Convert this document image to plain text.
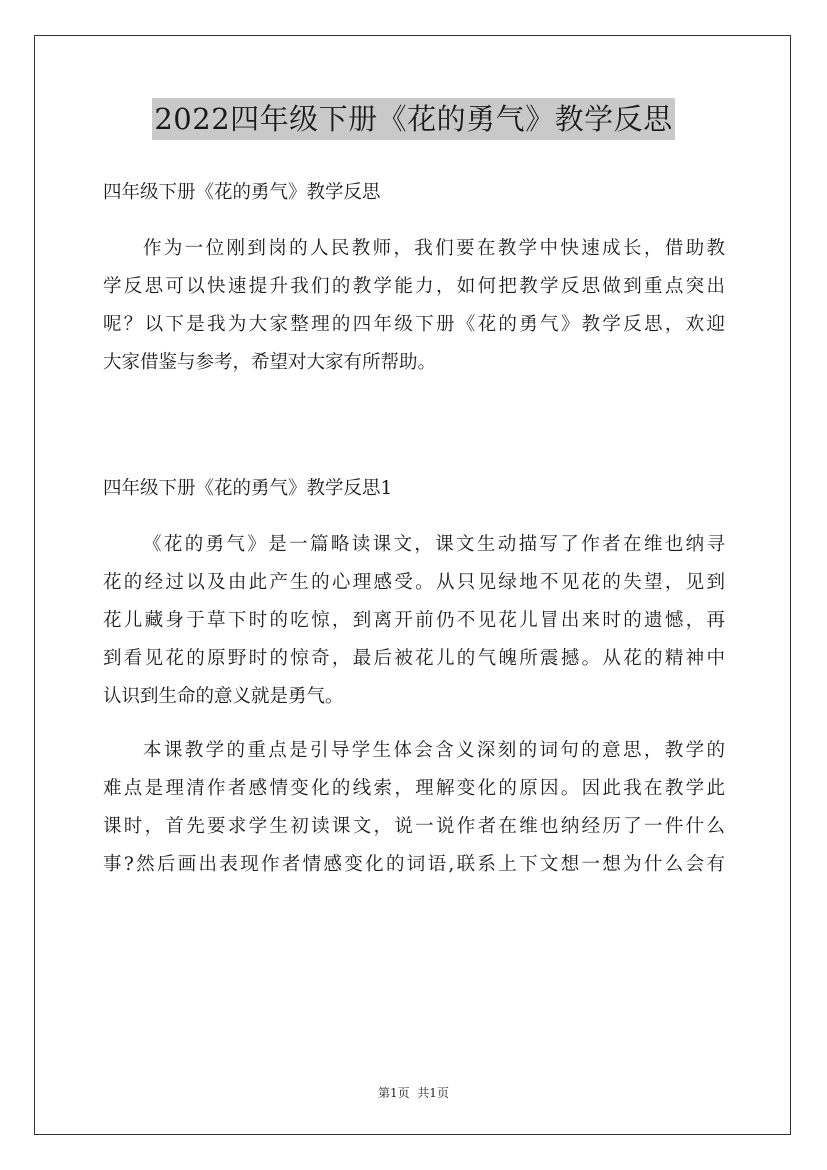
2022四年级下册《花的勇气》教学反思
四年级下册《花的勇气》教学反思
作为一位刚到岗的人民教师，我们要在教学中快速成长，借助教
学反思可以快速提升我们的教学能力，如何把教学反思做到重点突出
呢？以下是我为大家整理的四年级下册《花的勇气》教学反思，欢迎
大家借鉴与参考，希望对大家有所帮助。
四年级下册《花的勇气》教学反思1
《花的勇气》是一篇略读课文，课文生动描写了作者在维也纳寻
花的经过以及由此产生的心理感受。从只见绿地不见花的失望，见到
花儿藏身于草下时的吃惊，到离开前仍不见花儿冒出来时的遗憾，再
到看见花的原野时的惊奇，最后被花儿的气魄所震撼。从花的精神中
认识到生命的意义就是勇气。
本课教学的重点是引导学生体会含义深刻的词句的意思，教学的
难点是理清作者感情变化的线索，理解变化的原因。因此我在教学此
课时，首先要求学生初读课文，说一说作者在维也纳经历了一件什么
事?然后画出表现作者情感变化的词语,联系上下文想一想为什么会有
第1页  共1页
